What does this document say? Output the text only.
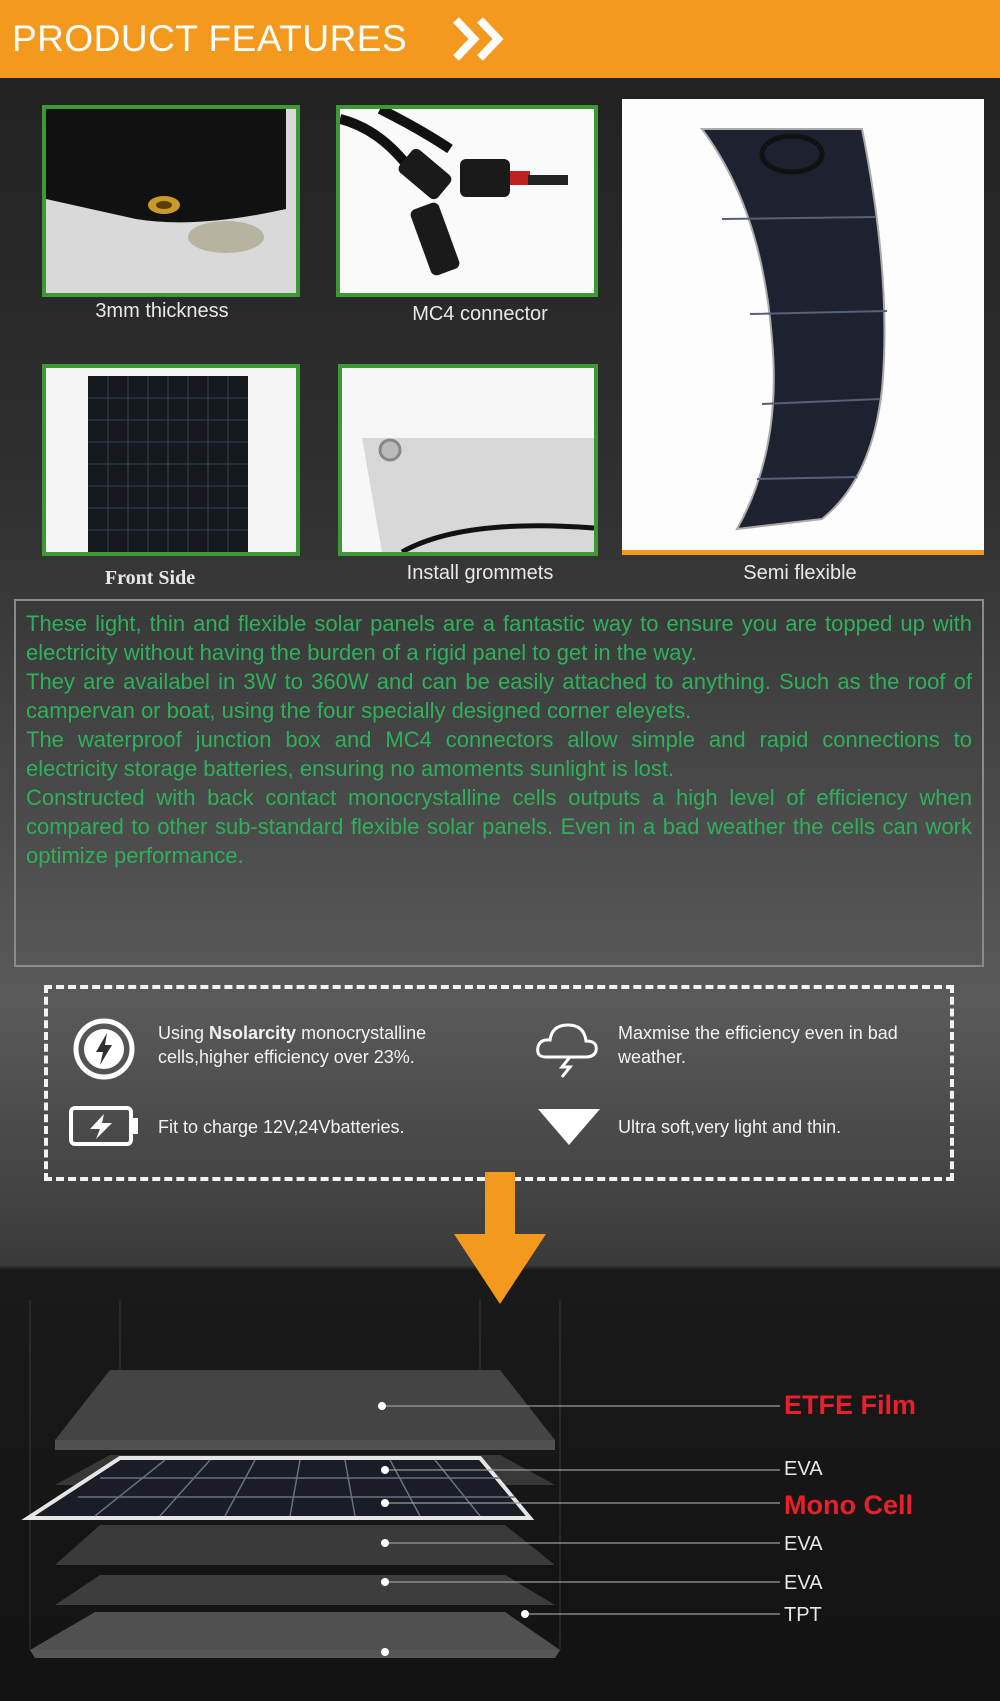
PRODUCT FEATURES
3mm thickness	MC4 connector
Front Side	Install grommets	Semi flexible

These light, thin and flexible solar panels are a fantastic way to ensure you are topped up with electricity without having the burden of a rigid panel to get in the way.

They are availabel in 3W to 360W and can be easily attached to anything. Such as the roof of campervan or boat, using the four specially designed corner eleyets.

The waterproof junction box and MC4 connectors allow simple and rapid connections to electricity storage batteries, ensuring no amoments sunlight is lost.

Constructed with back contact monocrystalline cells outputs a high level of efficiency when compared to other sub-standard flexible solar panels. Even in a bad weather the cells can work optimize performance.

Using Nsolarcity monocrystalline cells,higher efficiency over 23%.
Maxmise the efficiency even in bad weather.
Fit to charge 12V,24Vbatteries.	Ultra soft,very light and thin.
ETFE Film
EVA
Mono Cell
EVA
EVA
TPT
